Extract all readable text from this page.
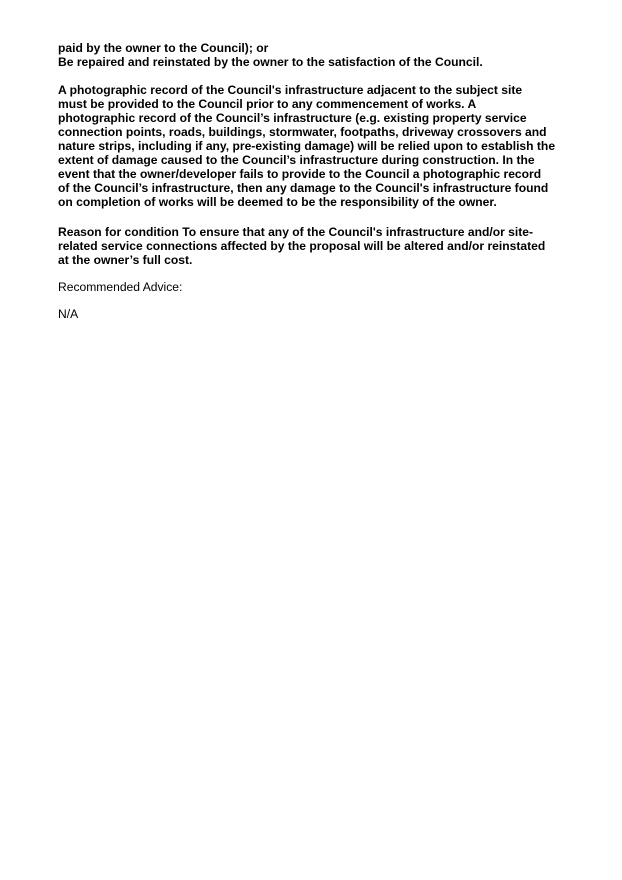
paid by the owner to the Council); or
Be repaired and reinstated by the owner to the satisfaction of the Council.
A photographic record of the Council's infrastructure adjacent to the subject site
must be provided to the Council prior to any commencement of works. A
photographic record of the Council’s infrastructure (e.g. existing property service
connection points, roads, buildings, stormwater, footpaths, driveway crossovers and
nature strips, including if any, pre-existing damage) will be relied upon to establish the
extent of damage caused to the Council’s infrastructure during construction. In the
event that the owner/developer fails to provide to the Council a photographic record
of the Council’s infrastructure, then any damage to the Council's infrastructure found
on completion of works will be deemed to be the responsibility of the owner.
Reason for condition To ensure that any of the Council's infrastructure and/or site-
related service connections affected by the proposal will be altered and/or reinstated
at the owner’s full cost.
Recommended Advice:
N/A
